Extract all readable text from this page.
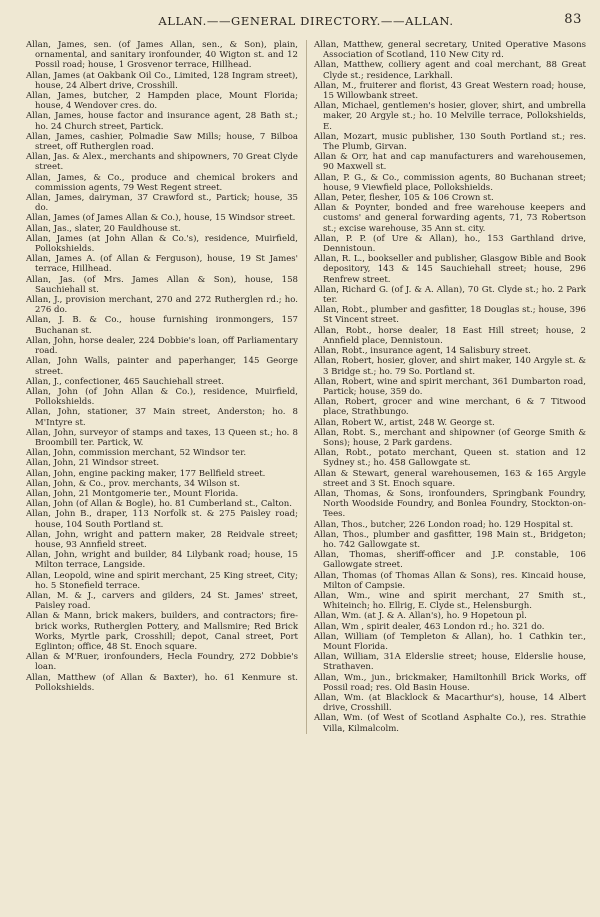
ALLAN.——GENERAL DIRECTORY.——ALLAN.	83

Allan, James, sen. (of James Allan, sen., & Son), plain, ornamental, and sanitary ironfounder, 40 Wigton st. and 12 Possil road; house, 1 Grosvenor terrace, Hillhead.

Allan, James (at Oakbank Oil Co., Limited, 128 Ingram street), house, 24 Albert drive, Crosshill.

Allan, James, butcher, 2 Hampden place, Mount Florida; house, 4 Wendover cres. do.

Allan, James, house factor and insurance agent, 28 Bath st.; ho. 24 Church street, Partick.

Allan, James, cashier, Polmadie Saw Mills; house, 7 Bilboa street, off Rutherglen road.

Allan, Jas. & Alex., merchants and shipowners, 70 Great Clyde street.

Allan, James, & Co., produce and chemical brokers and commission agents, 79 West Regent street.

Allan, James, dairyman, 37 Crawford st., Partick; house, 35 do.

Allan, James (of James Allan & Co.), house, 15 Windsor street.

Allan, Jas., slater, 20 Fauldhouse st.

Allan, James (at John Allan & Co.'s), residence, Muirfield, Pollokshields.

Allan, James A. (of Allan & Ferguson), house, 19 St James' terrace, Hillhead.

Allan, Jas. (of Mrs. James Allan & Son), house, 158 Sauchiehall st.

Allan, J., provision merchant, 270 and 272 Rutherglen rd.; ho. 276 do.

Allan, J. B. & Co., house furnishing ironmongers, 157 Buchanan st.

Allan, John, horse dealer, 224 Dobbie's loan, off Parliamentary road.

Allan, John Walls, painter and paperhanger, 145 George street.

Allan, J., confectioner, 465 Sauchiehall street.

Allan, John (of John Allan & Co.), residence, Muirfield, Pollokshields.

Allan, John, stationer, 37 Main street, Anderston; ho. 8 M'Intyre st.

Allan, John, surveyor of stamps and taxes, 13 Queen st.; ho. 8 Broombill ter. Partick, W.

Allan, John, commission merchant, 52 Windsor ter.

Allan, John, 21 Windsor street.

Allan, John, engine packing maker, 177 Bellfield street.

Allan, John, & Co., prov. merchants, 34 Wilson st.

Allan, John, 21 Montgomerie ter., Mount Florida.

Allan, John (of Allan & Bogle), ho. 81 Cumberland st., Calton.

Allan, John B., draper, 113 Norfolk st. & 275 Paisley road; house, 104 South Portland st.

Allan, John, wright and pattern maker, 28 Reidvale street; house, 93 Annfield street.

Allan, John, wright and builder, 84 Lilybank road; house, 15 Milton terrace, Langside.

Allan, Leopold, wine and spirit merchant, 25 King street, City; ho. 5 Stonefield terrace.

Allan, M. & J., carvers and gilders, 24 St. James' street, Paisley road.

Allan & Mann, brick makers, builders, and contractors; fire-brick works, Rutherglen Pottery, and Mallsmire; Red Brick Works, Myrtle park, Crosshill; depot, Canal street, Port Eglinton; office, 48 St. Enoch square.

Allan & M'Ruer, ironfounders, Hecla Foundry, 272 Dobbie's loan.

Allan, Matthew (of Allan & Baxter), ho. 61 Kenmure st. Pollokshields.

Allan, Matthew, general secretary, United Operative Masons Association of Scotland, 110 New City rd.

Allan, Matthew, colliery agent and coal merchant, 88 Great Clyde st.; residence, Larkhall.

Allan, M., fruiterer and florist, 43 Great Western road; house, 15 Willowbank street.

Allan, Michael, gentlemen's hosier, glover, shirt, and umbrella maker, 20 Argyle st.; ho. 10 Melville terrace, Pollokshields, E.

Allan, Mozart, music publisher, 130 South Portland st.; res. The Plumb, Girvan.

Allan & Orr, hat and cap manufacturers and warehousemen, 90 Maxwell st.

Allan, P. G., & Co., commission agents, 80 Buchanan street; house, 9 Viewfield place, Pollokshields.

Allan, Peter, flesher, 105 & 106 Crown st.

Allan & Poynter, bonded and free warehouse keepers and customs' and general forwarding agents, 71, 73 Robertson st.; excise warehouse, 35 Ann st. city.

Allan, P. P. (of Ure & Allan), ho., 153 Garthland drive, Dennistoun.

Allan, R. L., bookseller and publisher, Glasgow Bible and Book depository, 143 & 145 Sauchiehall street; house, 296 Renfrew street.

Allan, Richard G. (of J. & A. Allan), 70 Gt. Clyde st.; ho. 2 Park ter.

Allan, Robt., plumber and gasfitter, 18 Douglas st.; house, 396 St Vincent street.

Allan, Robt., horse dealer, 18 East Hill street; house, 2 Annfield place, Dennistoun.

Allan, Robt., insurance agent, 14 Salisbury street.

Allan, Robert, hosier, glover, and shirt maker, 140 Argyle st. & 3 Bridge st.; ho. 79 So. Portland st.

Allan, Robert, wine and spirit merchant, 361 Dumbarton road, Partick; house, 359 do.

Allan, Robert, grocer and wine merchant, 6 & 7 Titwood place, Strathbungo.

Allan, Robert W., artist, 248 W. George st.

Allan, Robt. S., merchant and shipowner (of George Smith & Sons); house, 2 Park gardens.

Allan, Robt., potato merchant, Queen st. station and 12 Sydney st.; ho. 458 Gallowgate st.

Allan & Stewart, general warehousemen, 163 & 165 Argyle street and 3 St. Enoch square.

Allan, Thomas, & Sons, ironfounders, Springbank Foundry, North Woodside Foundry, and Bonlea Foundry, Stockton-on-Tees.

Allan, Thos., butcher, 226 London road; ho. 129 Hospital st.

Allan, Thos., plumber and gasfitter, 198 Main st., Bridgeton; ho. 742 Gallowgate st.

Allan, Thomas, sheriff-officer and J.P. constable, 106 Gallowgate street.

Allan, Thomas (of Thomas Allan & Sons), res. Kincaid house, Milton of Campsie.

Allan, Wm., wine and spirit merchant, 27 Smith st., Whiteinch; ho. Ellrig, E. Clyde st., Helensburgh.

Allan, Wm. (at J. & A. Allan's), ho. 9 Hopetoun pl.

Allan, Wm , spirit dealer, 463 London rd.; ho. 321 do.

Allan, William (of Templeton & Allan), ho. 1 Cathkin ter., Mount Florida.

Allan, William, 31A Elderslie street; house, Elderslie house, Strathaven.

Allan, Wm., jun., brickmaker, Hamiltonhill Brick Works, off Possil road; res. Old Basin House.

Allan, Wm. (at Blacklock & Macarthur's), house, 14 Albert drive, Crosshill.

Allan, Wm. (of West of Scotland Asphalte Co.), res. Strathie Villa, Kilmalcolm.
